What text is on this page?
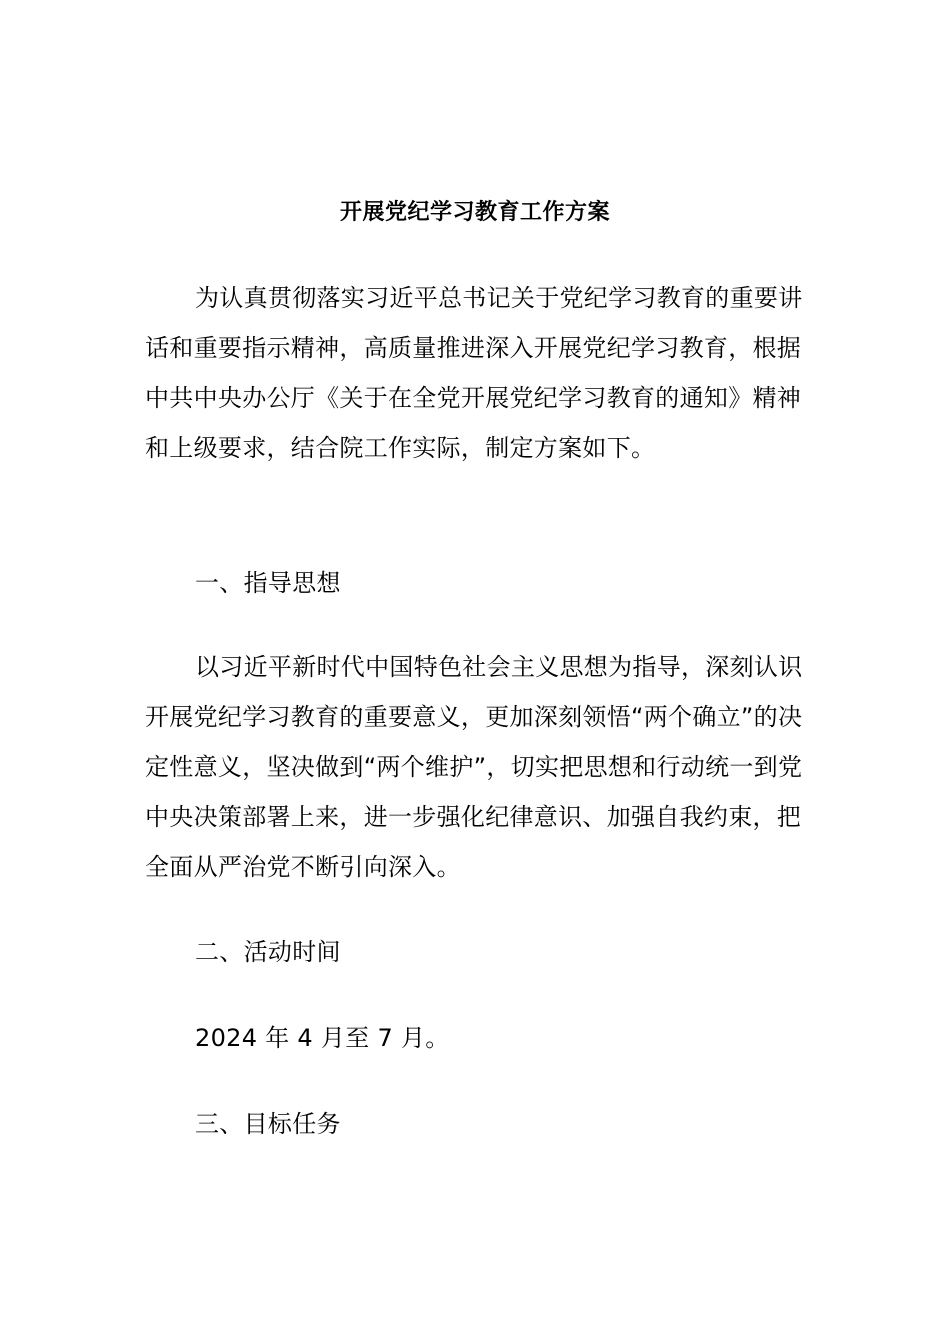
开展党纪学习教育工作方案

为认真贯彻落实习近平总书记关于党纪学习教育的重要讲话和重要指示精神，高质量推进深入开展党纪学习教育，根据中共中央办公厅《关于在全党开展党纪学习教育的通知》精神和上级要求，结合院工作实际，制定方案如下。

一、指导思想

以习近平新时代中国特色社会主义思想为指导，深刻认识开展党纪学习教育的重要意义，更加深刻领悟“两个确立”的决定性意义，坚决做到“两个维护”，切实把思想和行动统一到党中央决策部署上来，进一步强化纪律意识、加强自我约束，把全面从严治党不断引向深入。

二、活动时间

2024 年 4 月至 7 月。

三、目标任务
